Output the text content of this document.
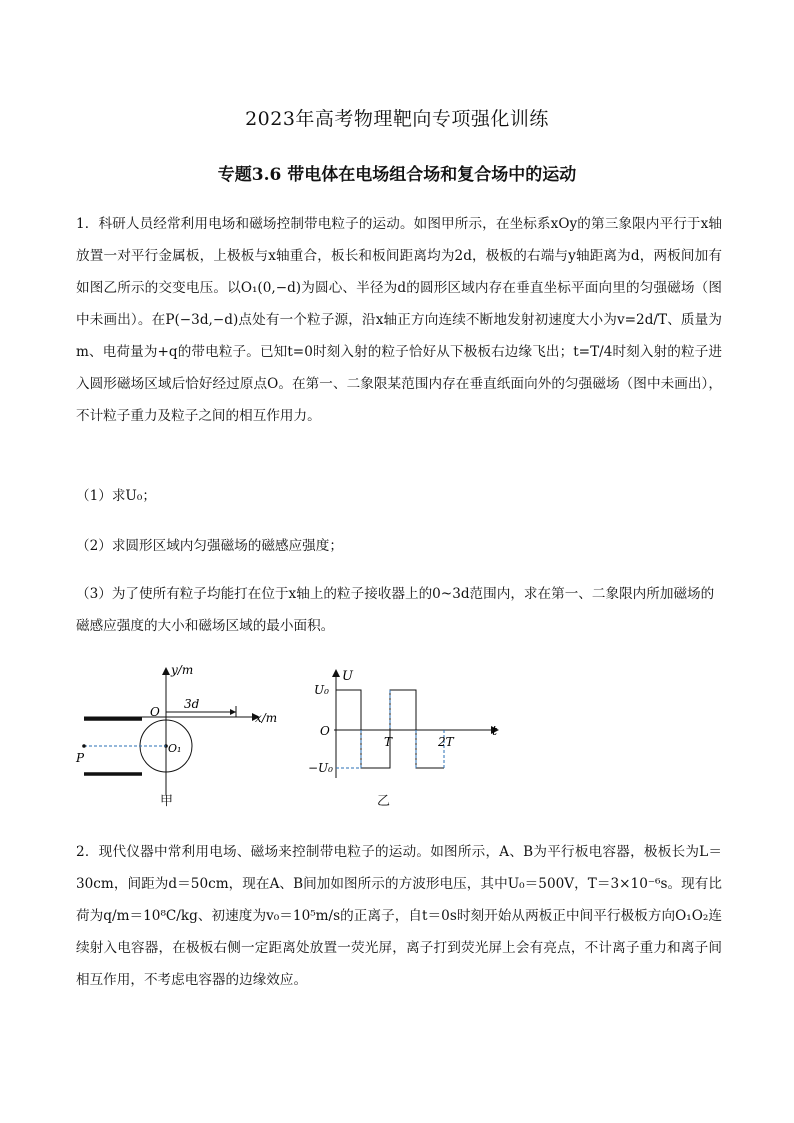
2023年高考物理靶向专项强化训练
专题3.6 带电体在电场组合场和复合场中的运动

1．科研人员经常利用电场和磁场控制带电粒子的运动。如图甲所示，在坐标系xOy的第三象限内平行于x轴放置一对平行金属板，上极板与x轴重合，板长和板间距离均为2d，极板的右端与y轴距离为d，两板间加有如图乙所示的交变电压。以O₁(0,−d)为圆心、半径为d的圆形区域内存在垂直坐标平面向里的匀强磁场（图中未画出）。在P(−3d,−d)点处有一个粒子源，沿x轴正方向连续不断地发射初速度大小为v=2d/T、质量为m、电荷量为+q的带电粒子。已知t=0时刻入射的粒子恰好从下极板右边缘飞出；t=T/4时刻入射的粒子进入圆形磁场区域后恰好经过原点O。在第一、二象限某范围内存在垂直纸面向外的匀强磁场（图中未画出），不计粒子重力及粒子之间的相互作用力。

（1）求U₀；

（2）求圆形区域内匀强磁场的磁感应强度；

（3）为了使所有粒子均能打在位于x轴上的粒子接收器上的0~3d范围内，求在第一、二象限内所加磁场的磁感应强度的大小和磁场区域的最小面积。

y/m
x/m
O
3d
O₁
P
甲
U
t
O
U₀
−U₀
T	2T
乙

2．现代仪器中常利用电场、磁场来控制带电粒子的运动。如图所示，A、B为平行板电容器，极板长为L＝30cm，间距为d＝50cm，现在A、B间加如图所示的方波形电压，其中U₀＝500V，T＝3×10⁻⁶s。现有比荷为q/m＝10⁸C/kg、初速度为v₀＝10⁵m/s的正离子，自t＝0s时刻开始从两板正中间平行极板方向O₁O₂连续射入电容器，在极板右侧一定距离处放置一荧光屏，离子打到荧光屏上会有亮点，不计离子重力和离子间相互作用，不考虑电容器的边缘效应。
